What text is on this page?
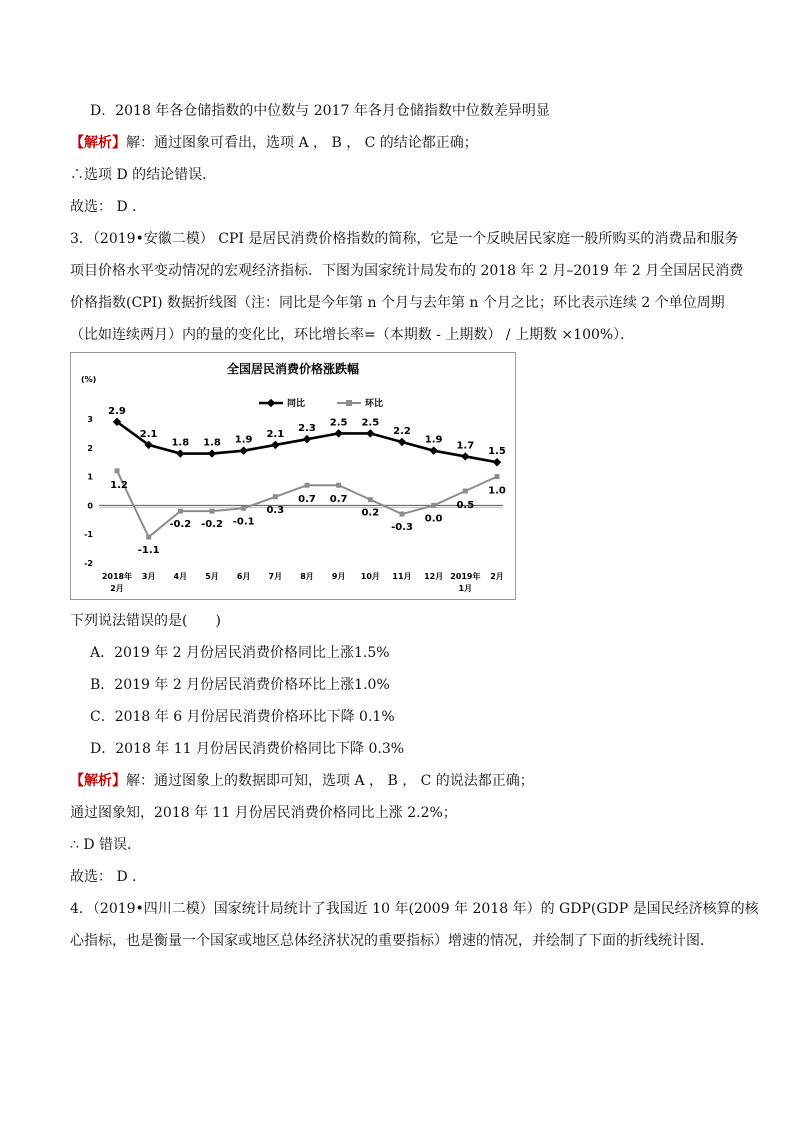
D．2018 年各仓储指数的中位数与 2017 年各月仓储指数中位数差异明显
【解析】解：通过图象可看出，选项 A ， B ， C 的结论都正确；
∴选项 D 的结论错误．
故选： D ．
3．（2019•安徽二模） CPI 是居民消费价格指数的简称，它是一个反映居民家庭一般所购买的消费品和服务
项目价格水平变动情况的宏观经济指标．下图为国家统计局发布的 2018 年 2 月–2019 年 2 月全国居民消费
价格指数(CPI) 数据折线图（注：同比是今年第 n 个月与去年第 n 个月之比；环比表示连续 2 个单位周期
（比如连续两月）内的量的变化比，环比增长率=（本期数 - 上期数） / 上期数 ×100%）．
全国居民消费价格涨跌幅
(%)
3
2
1
0
-1
-2
2018年
2月
3月 4月 5月 6月 7月 8月 9月 10月 11月 12月 2019年
1月
2月
同比	环比
2.9
2.1
1.8 1.8 1.9
2.1
2.3
2.5 2.5
2.2
1.9
1.7
1.5
1.2
-1.1
-0.2 -0.2 -0.1
0.3
0.7 0.7
0.2
-0.3
0.0
0.5
1.0
下列说法错误的是(　　)
A．2019 年 2 月份居民消费价格同比上涨1.5%
B．2019 年 2 月份居民消费价格环比上涨1.0%
C．2018 年 6 月份居民消费价格环比下降 0.1%
D．2018 年 11 月份居民消费价格同比下降 0.3%
【解析】解：通过图象上的数据即可知，选项 A ， B ， C 的说法都正确；
通过图象知，2018 年 11 月份居民消费价格同比上涨 2.2%；
∴ D 错误．
故选： D ．
4．（2019•四川二模）国家统计局统计了我国近 10 年(2009 年 2018 年）的 GDP(GDP 是国民经济核算的核
心指标，也是衡量一个国家或地区总体经济状况的重要指标）增速的情况，并绘制了下面的折线统计图．
